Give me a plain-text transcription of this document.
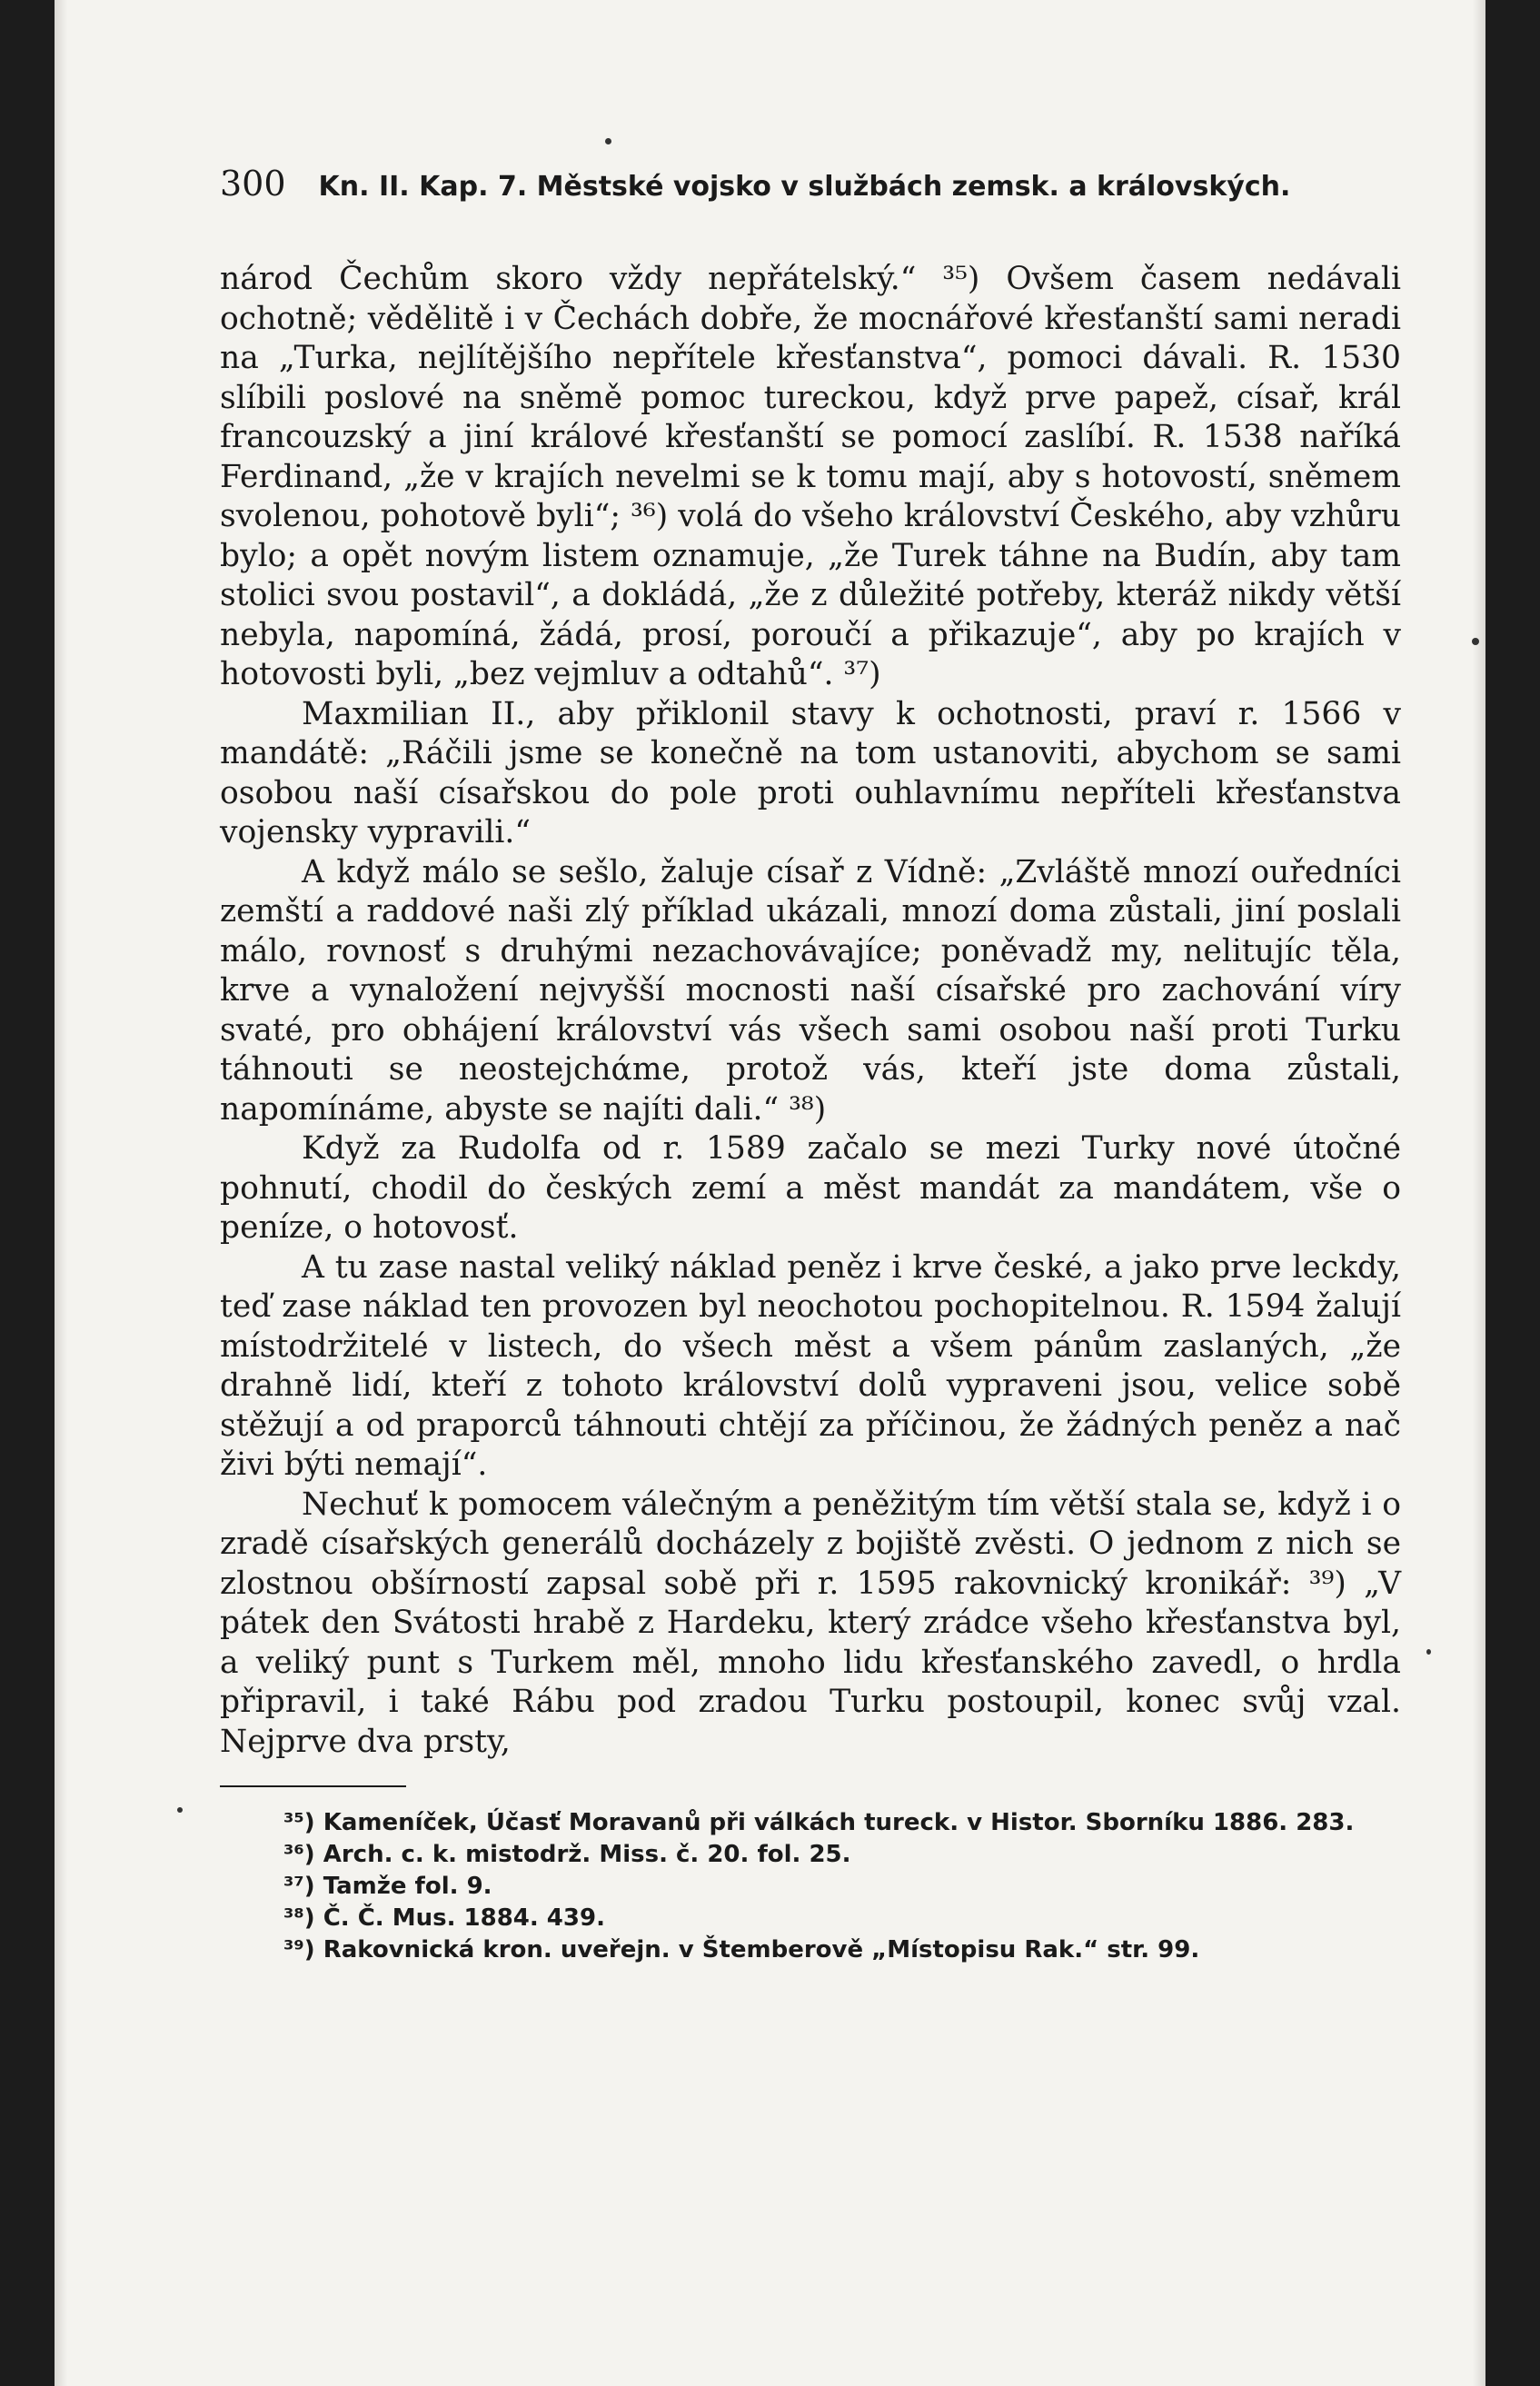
300 Kn. II. Kap. 7. Městské vojsko v službách zemsk. a královských.

národ Čechům skoro vždy nepřátelský.“ ³⁵) Ovšem časem nedávali ochotně; vědělitě i v Čechách dobře, že mocnářové křesťanští sami neradi na „Turka, nejlítějšího nepřítele křesťanstva“, pomoci dávali. R. 1530 slíbili poslové na sněmě pomoc tureckou, když prve papež, císař, král francouzský a jiní králové křesťanští se pomocí zaslíbí. R. 1538 naříká Ferdinand, „že v krajích nevelmi se k tomu mají, aby s hotovostí, sněmem svolenou, pohotově byli“; ³⁶) volá do všeho království Českého, aby vzhůru bylo; a opět novým listem oznamuje, „že Turek táhne na Budín, aby tam stolici svou postavil“, a dokládá, „že z důležité potřeby, kteráž nikdy větší nebyla, napomíná, žádá, prosí, poroučí a přikazuje“, aby po krajích v hotovosti byli, „bez vejmluv a odtahů“. ³⁷)

Maxmilian II., aby přiklonil stavy k ochotnosti, praví r. 1566 v mandátě: „Ráčili jsme se konečně na tom ustanoviti, abychom se sami osobou naší císařskou do pole proti ouhlavnímu nepříteli křesťanstva vojensky vypravili.“

A když málo se sešlo, žaluje císař z Vídně: „Zvláště mnozí ouředníci zemští a raddové naši zlý příklad ukázali, mnozí doma zůstali, jiní poslali málo, rovnosť s druhými nezachovávajíce; poněvadž my, nelitujíc těla, krve a vynaložení nejvyšší mocnosti naší císařské pro zachování víry svaté, pro obhájení království vás všech sami osobou naší proti Turku táhnouti se neostejchάme, protož vás, kteří jste doma zůstali, napomínáme, abyste se najíti dali.“ ³⁸)

Když za Rudolfa od r. 1589 začalo se mezi Turky nové útočné pohnutí, chodil do českých zemí a měst mandát za mandátem, vše o peníze, o hotovosť.

A tu zase nastal veliký náklad peněz i krve české, a jako prve leckdy, teď zase náklad ten provozen byl neochotou pochopitelnou. R. 1594 žalují místodržitelé v listech, do všech měst a všem pánům zaslaných, „že drahně lidí, kteří z tohoto království dolů vypraveni jsou, velice sobě stěžují a od praporců táhnouti chtějí za příčinou, že žádných peněz a nač živi býti nemají“.

Nechuť k pomocem válečným a peněžitým tím větší stala se, když i o zradě císařských generálů docházely z bojiště zvěsti. O jednom z nich se zlostnou obšírností zapsal sobě při r. 1595 rakovnický kronikář: ³⁹) „V pátek den Svátosti hrabě z Hardeku, který zrádce všeho křesťanstva byl, a veliký punt s Turkem měl, mnoho lidu křesťanského zavedl, o hrdla připravil, i také Rábu pod zradou Turku postoupil, konec svůj vzal. Nejprve dva prsty,

³⁵) Kameníček, Účasť Moravanů při válkách tureck. v Histor. Sborníku 1886. 283.

³⁶) Arch. c. k. mistodrž. Miss. č. 20. fol. 25.

³⁷) Tamže fol. 9.

³⁸) Č. Č. Mus. 1884. 439.

³⁹) Rakovnická kron. uveřejn. v Štemberově „Místopisu Rak.“ str. 99.
